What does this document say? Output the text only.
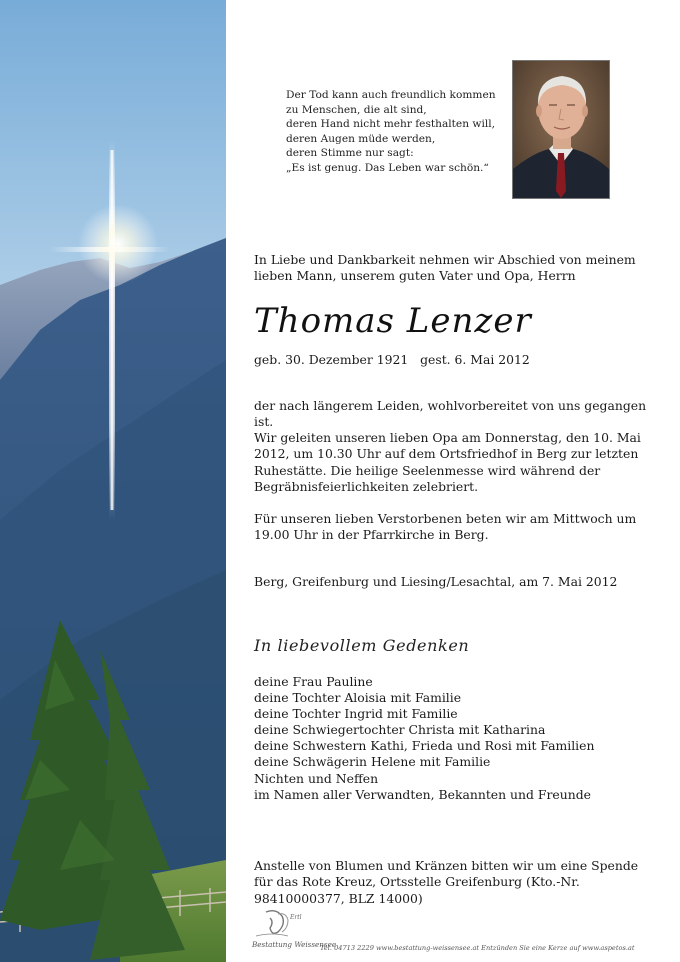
Der Tod kann auch freundlich kommen
zu Menschen, die alt sind,
deren Hand nicht mehr festhalten will,
deren Augen müde werden,
deren Stimme nur sagt:
„Es ist genug. Das Leben war schön.“

In Liebe und Dankbarkeit nehmen wir Abschied von meinem lieben Mann, unserem guten Vater und Opa, Herrn

Thomas Lenzer

geb. 30. Dezember 1921   gest. 6. Mai 2012

der nach längerem Leiden, wohlvorbereitet von uns gegangen ist.

Wir geleiten unseren lieben Opa am Donnerstag, den 10. Mai 2012, um 10.30 Uhr auf dem Ortsfriedhof in Berg zur letzten Ruhestätte. Die heilige Seelenmesse wird während der Begräbnisfeierlichkeiten zelebriert.

Für unseren lieben Verstorbenen beten wir am Mittwoch um 19.00 Uhr in der Pfarrkirche in Berg.

Berg, Greifenburg und Liesing/Lesachtal, am 7. Mai 2012

In liebevollem Gedenken
deine Frau Pauline
deine Tochter Aloisia mit Familie
deine Tochter Ingrid mit Familie
deine Schwiegertochter Christa mit Katharina
deine Schwestern Kathi, Frieda und Rosi mit Familien
deine Schwägerin Helene mit Familie
Nichten und Neffen
im Namen aller Verwandten, Bekannten und Freunde

Anstelle von Blumen und Kränzen bitten wir um eine Spende für das Rote Kreuz, Ortsstelle Greifenburg (Kto.-Nr. 98410000377, BLZ 14000)

Ertl
Bestattung Weissensee
Tel. 04713 2229 www.bestattung-weissensee.at Entzünden Sie eine Kerze auf www.aspetos.at
